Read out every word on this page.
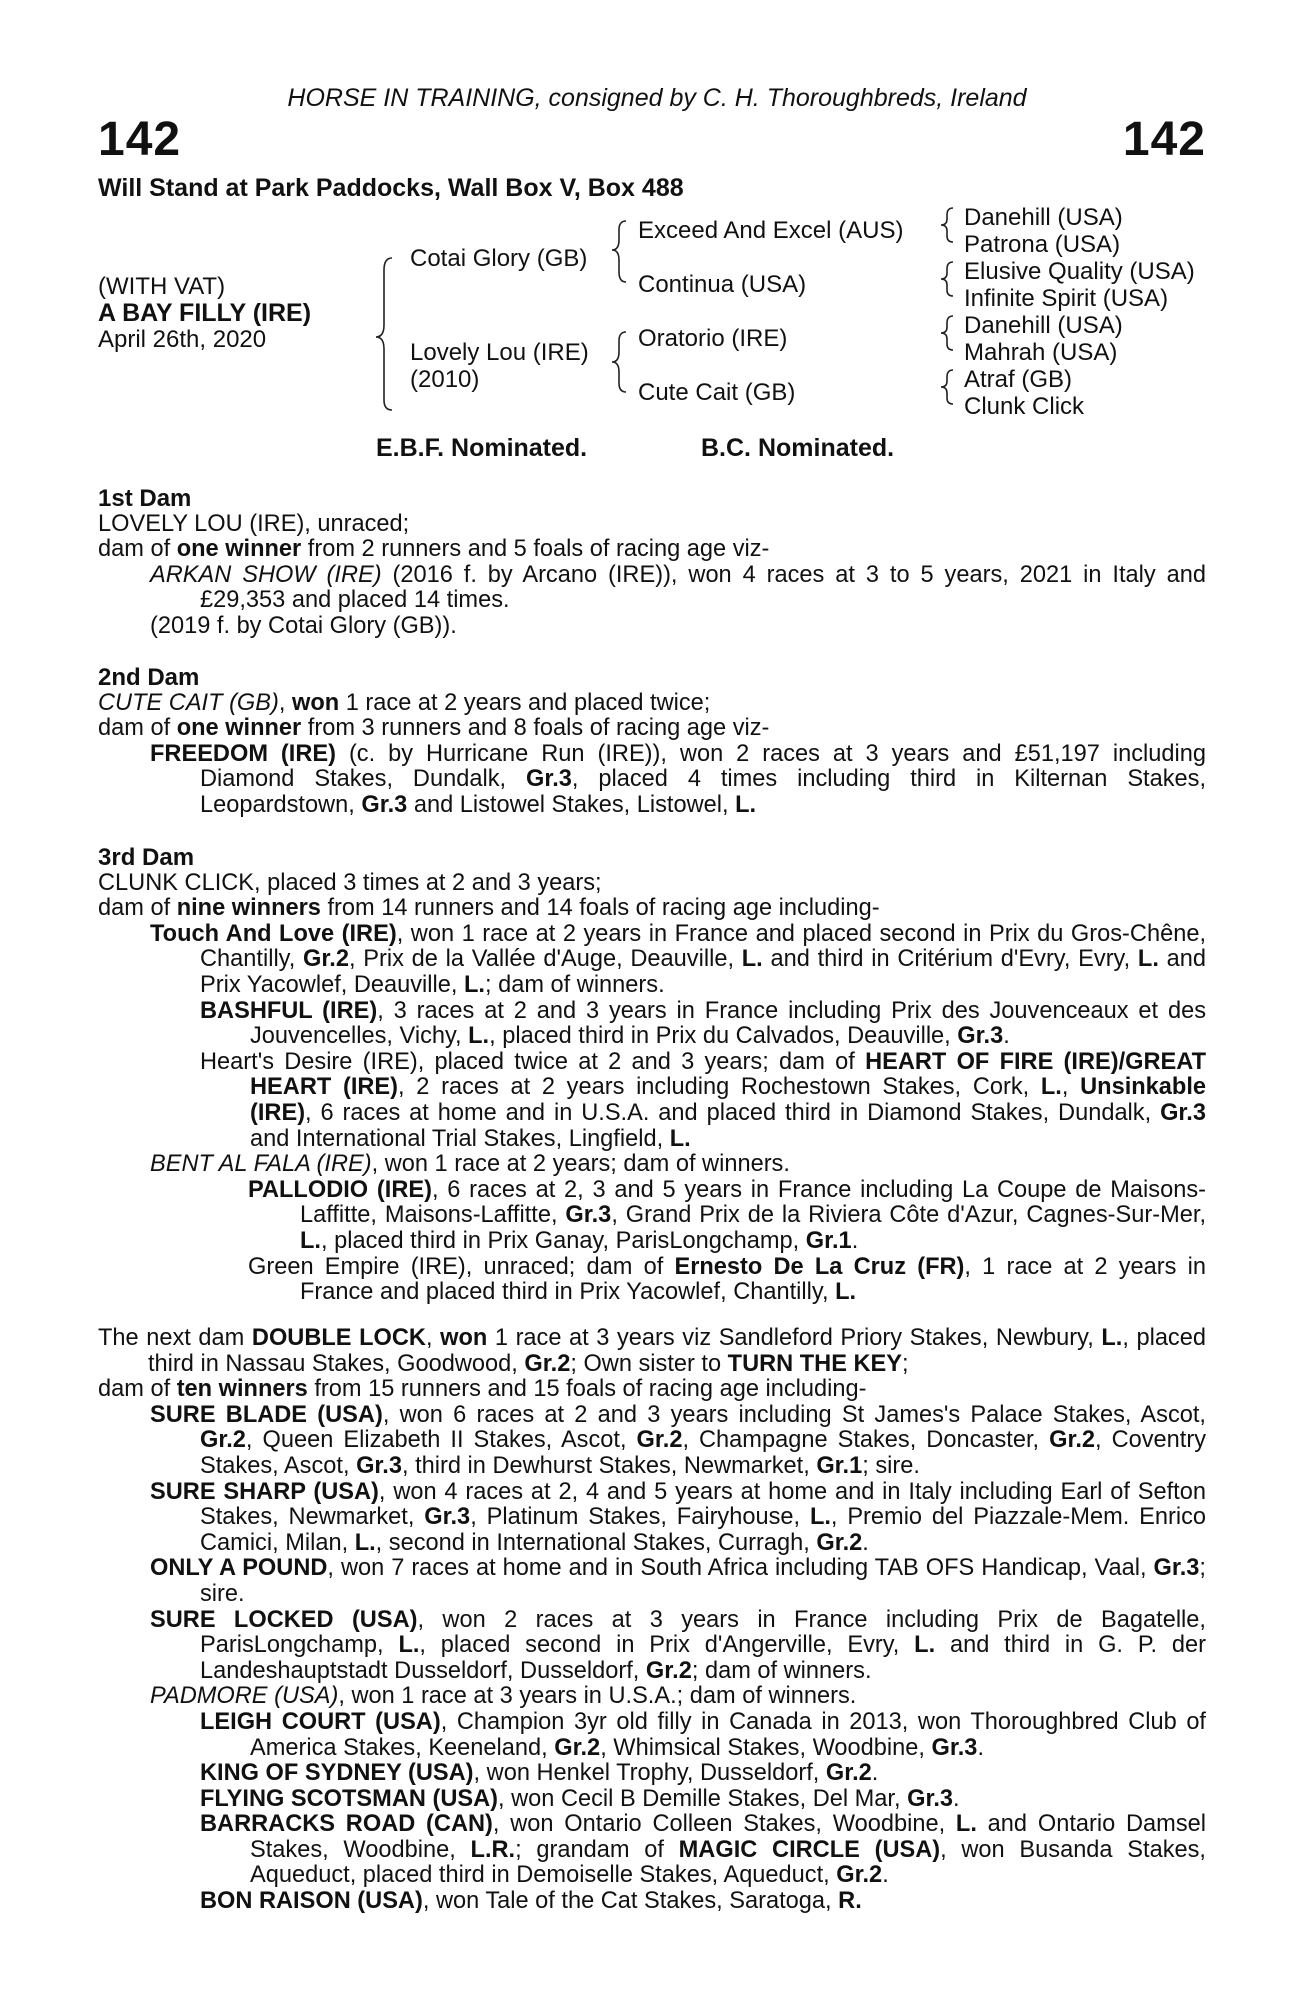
HORSE IN TRAINING, consigned by C. H. Thoroughbreds, Ireland
142	142
Will Stand at Park Paddocks, Wall Box V, Box 488
(WITH VAT)
A BAY FILLY (IRE)
April 26th, 2020
Cotai Glory (GB)
Lovely Lou (IRE)
(2010)
Exceed And Excel (AUS)
Continua (USA)
Oratorio (IRE)
Cute Cait (GB)
Danehill (USA)
Patrona (USA)
Elusive Quality (USA)
Infinite Spirit (USA)
Danehill (USA)
Mahrah (USA)
Atraf (GB)
Clunk Click
E.B.F. Nominated.	B.C. Nominated.

1st Dam

LOVELY LOU (IRE), unraced;

dam of one winner from 2 runners and 5 foals of racing age viz-

ARKAN SHOW (IRE) (2016 f. by Arcano (IRE)), won 4 races at 3 to 5 years, 2021 in Italy and £29,353 and placed 14 times.

(2019 f. by Cotai Glory (GB)).

2nd Dam

CUTE CAIT (GB), won 1 race at 2 years and placed twice;

dam of one winner from 3 runners and 8 foals of racing age viz-

FREEDOM (IRE) (c. by Hurricane Run (IRE)), won 2 races at 3 years and £51,197 including Diamond Stakes, Dundalk, Gr.3, placed 4 times including third in Kilternan Stakes, Leopardstown, Gr.3 and Listowel Stakes, Listowel, L.

3rd Dam

CLUNK CLICK, placed 3 times at 2 and 3 years;

dam of nine winners from 14 runners and 14 foals of racing age including-

Touch And Love (IRE), won 1 race at 2 years in France and placed second in Prix du Gros-Chêne, Chantilly, Gr.2, Prix de la Vallée d'Auge, Deauville, L. and third in Critérium d'Evry, Evry, L. and Prix Yacowlef, Deauville, L.; dam of winners.

BASHFUL (IRE), 3 races at 2 and 3 years in France including Prix des Jouvenceaux et des Jouvencelles, Vichy, L., placed third in Prix du Calvados, Deauville, Gr.3.

Heart's Desire (IRE), placed twice at 2 and 3 years; dam of HEART OF FIRE (IRE)/GREAT HEART (IRE), 2 races at 2 years including Rochestown Stakes, Cork, L., Unsinkable (IRE), 6 races at home and in U.S.A. and placed third in Diamond Stakes, Dundalk, Gr.3 and International Trial Stakes, Lingfield, L.

BENT AL FALA (IRE), won 1 race at 2 years; dam of winners.

PALLODIO (IRE), 6 races at 2, 3 and 5 years in France including La Coupe de Maisons-Laffitte, Maisons-Laffitte, Gr.3, Grand Prix de la Riviera Côte d'Azur, Cagnes-Sur-Mer, L., placed third in Prix Ganay, ParisLongchamp, Gr.1.

Green Empire (IRE), unraced; dam of Ernesto De La Cruz (FR), 1 race at 2 years in France and placed third in Prix Yacowlef, Chantilly, L.

The next dam DOUBLE LOCK, won 1 race at 3 years viz Sandleford Priory Stakes, Newbury, L., placed third in Nassau Stakes, Goodwood, Gr.2; Own sister to TURN THE KEY;

dam of ten winners from 15 runners and 15 foals of racing age including-

SURE BLADE (USA), won 6 races at 2 and 3 years including St James's Palace Stakes, Ascot, Gr.2, Queen Elizabeth II Stakes, Ascot, Gr.2, Champagne Stakes, Doncaster, Gr.2, Coventry Stakes, Ascot, Gr.3, third in Dewhurst Stakes, Newmarket, Gr.1; sire.

SURE SHARP (USA), won 4 races at 2, 4 and 5 years at home and in Italy including Earl of Sefton Stakes, Newmarket, Gr.3, Platinum Stakes, Fairyhouse, L., Premio del Piazzale-Mem. Enrico Camici, Milan, L., second in International Stakes, Curragh, Gr.2.

ONLY A POUND, won 7 races at home and in South Africa including TAB OFS Handicap, Vaal, Gr.3; sire.

SURE LOCKED (USA), won 2 races at 3 years in France including Prix de Bagatelle, ParisLongchamp, L., placed second in Prix d'Angerville, Evry, L. and third in G. P. der Landeshauptstadt Dusseldorf, Dusseldorf, Gr.2; dam of winners.

PADMORE (USA), won 1 race at 3 years in U.S.A.; dam of winners.

LEIGH COURT (USA), Champion 3yr old filly in Canada in 2013, won Thoroughbred Club of America Stakes, Keeneland, Gr.2, Whimsical Stakes, Woodbine, Gr.3.

KING OF SYDNEY (USA), won Henkel Trophy, Dusseldorf, Gr.2.

FLYING SCOTSMAN (USA), won Cecil B Demille Stakes, Del Mar, Gr.3.

BARRACKS ROAD (CAN), won Ontario Colleen Stakes, Woodbine, L. and Ontario Damsel Stakes, Woodbine, L.R.; grandam of MAGIC CIRCLE (USA), won Busanda Stakes, Aqueduct, placed third in Demoiselle Stakes, Aqueduct, Gr.2.

BON RAISON (USA), won Tale of the Cat Stakes, Saratoga, R.
